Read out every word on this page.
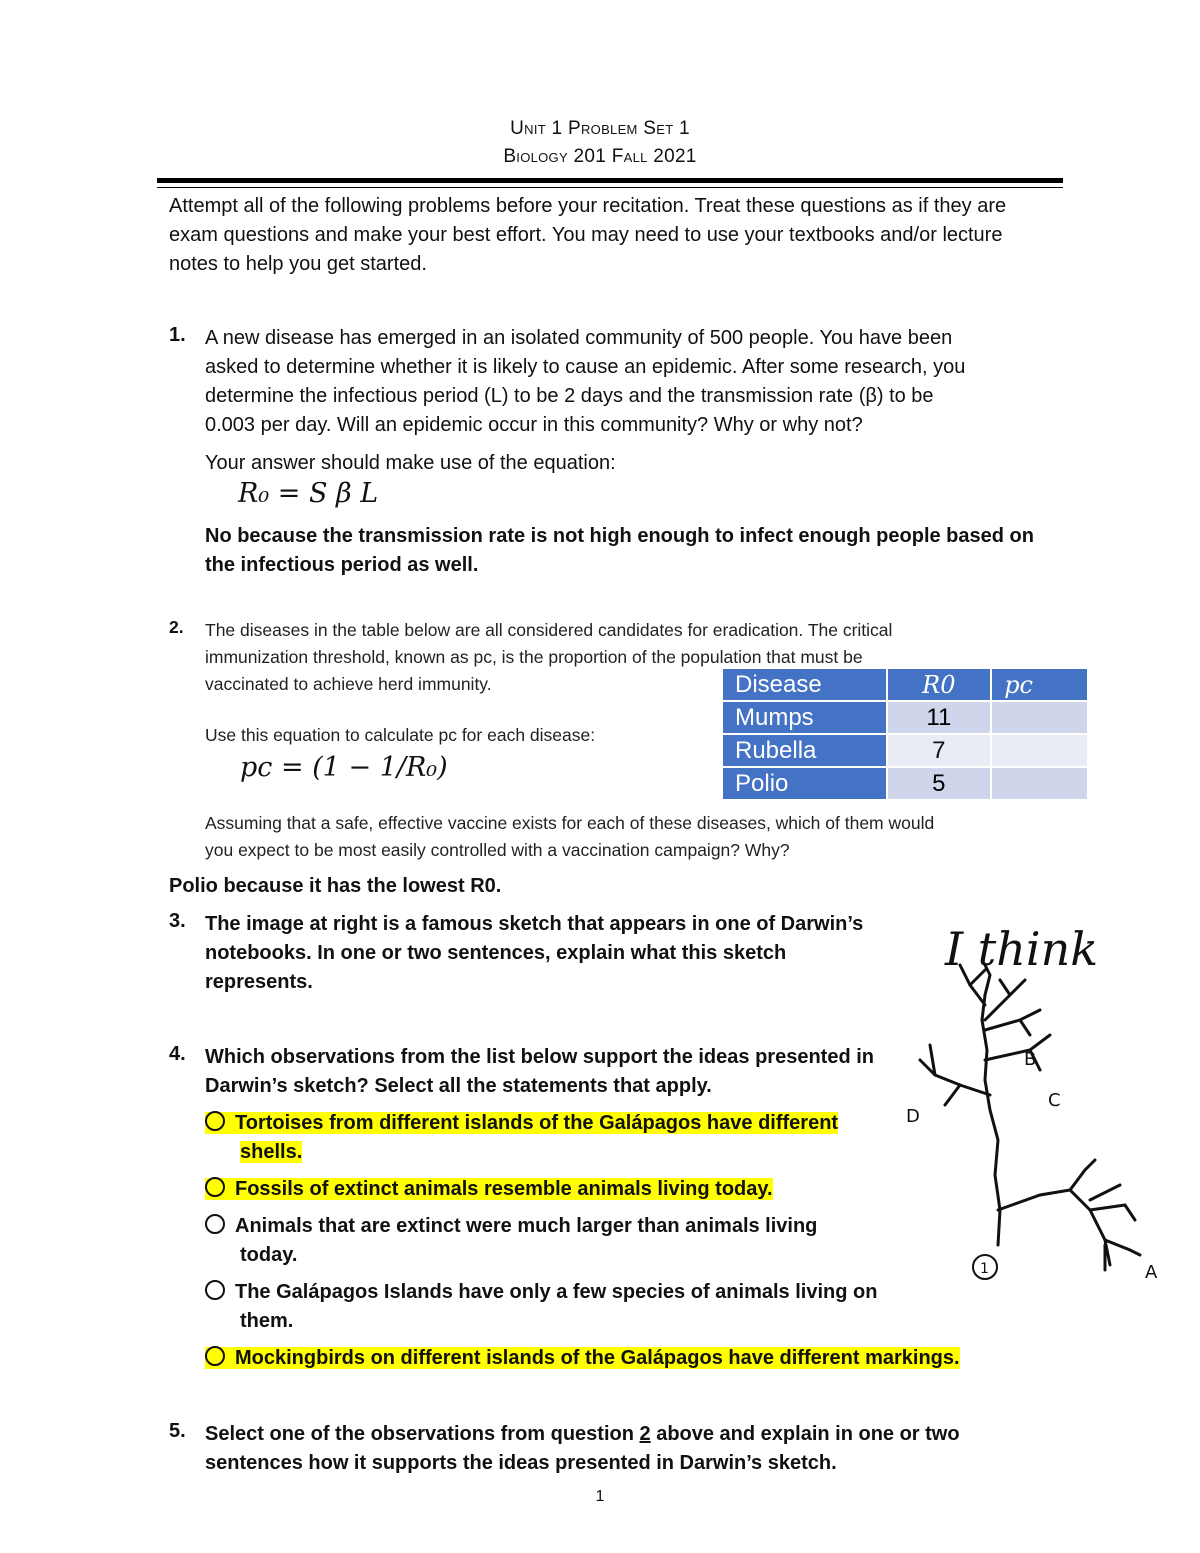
Unit 1 Problem Set 1
Biology 201 Fall 2021
Attempt all of the following problems before your recitation. Treat these questions as if they are exam questions and make your best effort. You may need to use your textbooks and/or lecture notes to help you get started.
1. A new disease has emerged in an isolated community of 500 people. You have been
asked to determine whether it is likely to cause an epidemic. After some research, you
determine the infectious period (L) to be 2 days and the transmission rate (β) to be
0.003 per day. Will an epidemic occur in this community? Why or why not?
Your answer should make use of the equation:
R₀ = S β L
No because the transmission rate is not high enough to infect enough people based on
the infectious period as well.
2. The diseases in the table below are all considered candidates for eradication. The critical
immunization threshold, known as pc, is the proportion of the population that must be
vaccinated to achieve herd immunity.
Use this equation to calculate pc for each disease:
pc = (1 − 1/R₀)
Disease	R0	pc
Mumps	11	
Rubella	7	
Polio	5	
Assuming that a safe, effective vaccine exists for each of these diseases, which of them would
you expect to be most easily controlled with a vaccination campaign? Why?
Polio because it has the lowest R0.
3. The image at right is a famous sketch that appears in one of Darwin’s
notebooks. In one or two sentences, explain what this sketch
represents.
I think
B
C
D
1	A
4. Which observations from the list below support the ideas presented in
Darwin’s sketch? Select all the statements that apply.
Tortoises from different islands of the Galápagos have different
shells.
Fossils of extinct animals resemble animals living today.
Animals that are extinct were much larger than animals living
today.
The Galápagos Islands have only a few species of animals living on
them.
Mockingbirds on different islands of the Galápagos have different markings.
5. Select one of the observations from question 2 above and explain in one or two
sentences how it supports the ideas presented in Darwin’s sketch.
1
